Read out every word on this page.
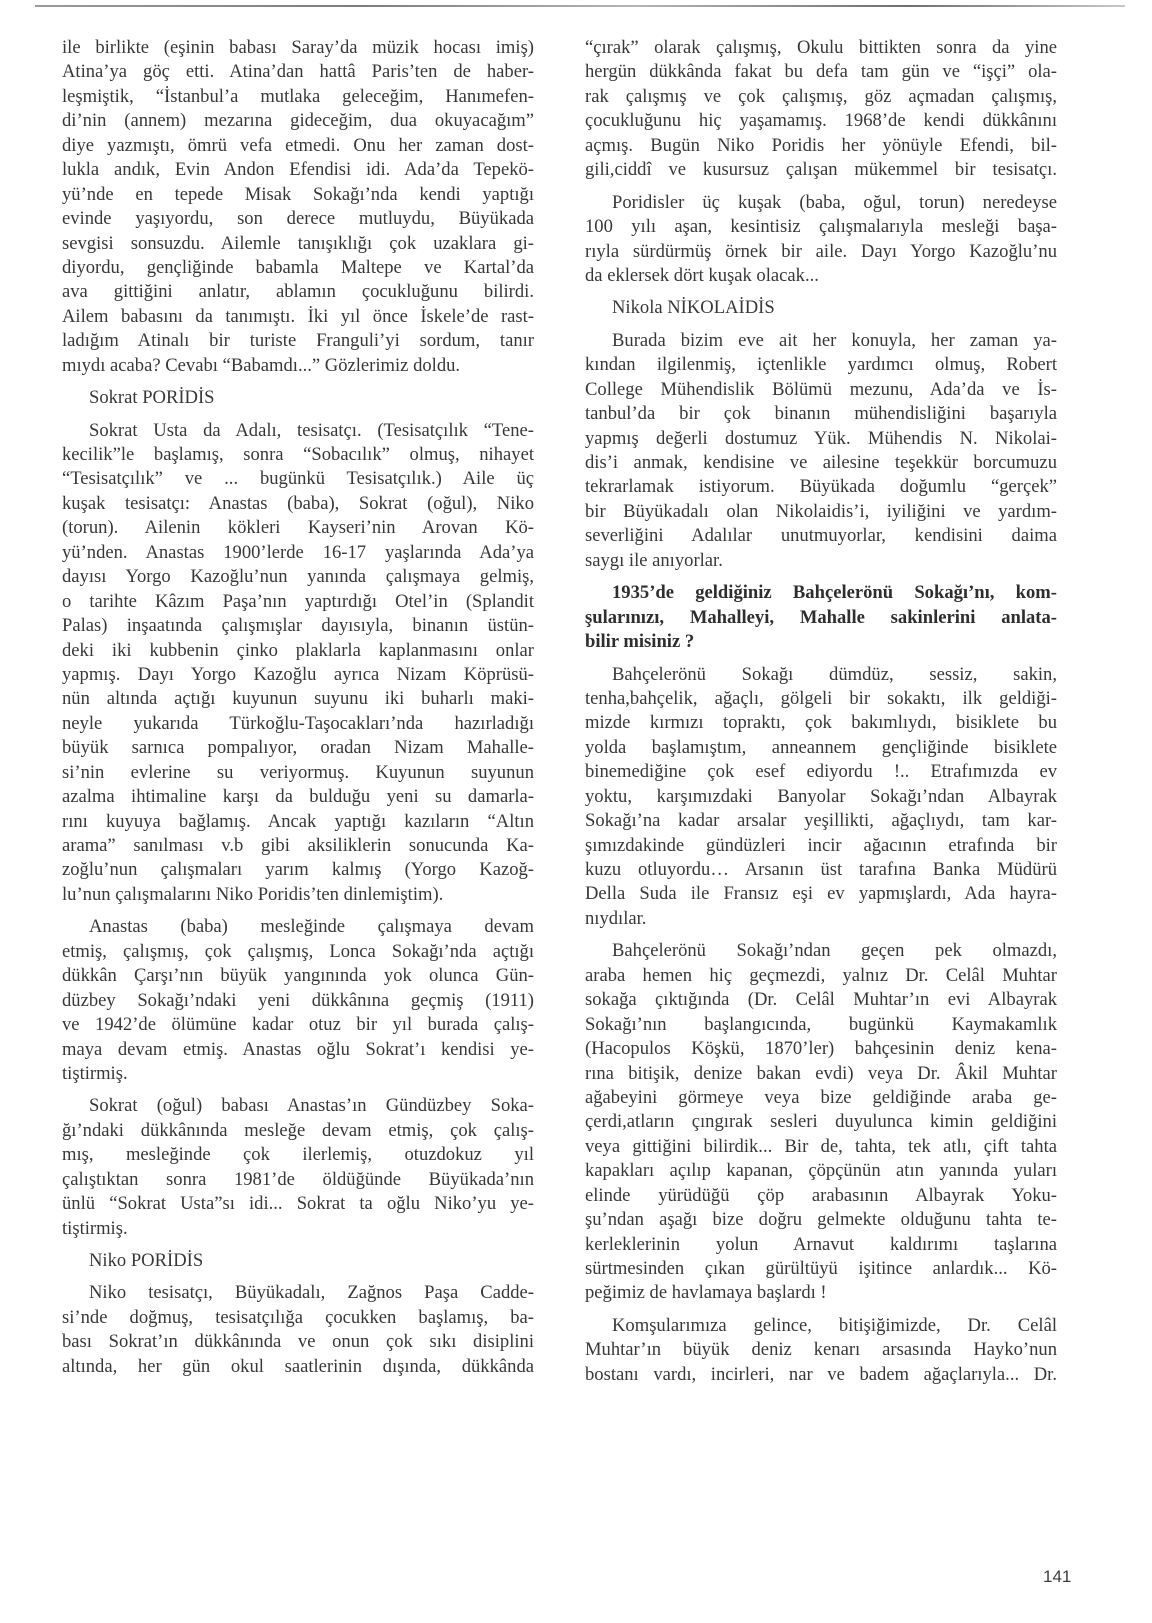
ile birlikte (eşinin babası Saray’da müzik hocası imiş)
Atina’ya göç etti. Atina’dan hattâ Paris’ten de haber-
leşmiştik, “İstanbul’a mutlaka geleceğim, Hanımefen-
di’nin (annem) mezarına gideceğim, dua okuyacağım”
diye yazmıştı, ömrü vefa etmedi. Onu her zaman dost-
lukla andık, Evin Andon Efendisi idi. Ada’da Tepekö-
yü’nde en tepede Misak Sokağı’nda kendi yaptığı
evinde yaşıyordu, son derece mutluydu, Büyükada
sevgisi sonsuzdu. Ailemle tanışıklığı çok uzaklara gi-
diyordu, gençliğinde babamla Maltepe ve Kartal’da
ava gittiğini anlatır, ablamın çocukluğunu bilirdi.
Ailem babasını da tanımıştı. İki yıl önce İskele’de rast-
ladığım Atinalı bir turiste Franguli’yi sordum, tanır
mıydı acaba? Cevabı “Babamdı...” Gözlerimiz doldu.
Sokrat PORİDİS
Sokrat Usta da Adalı, tesisatçı. (Tesisatçılık “Tene-
kecilik”le başlamış, sonra “Sobacılık” olmuş, nihayet
“Tesisatçılık” ve ... bugünkü Tesisatçılık.) Aile üç
kuşak tesisatçı: Anastas (baba), Sokrat (oğul), Niko
(torun). Ailenin kökleri Kayseri’nin Arovan Kö-
yü’nden. Anastas 1900’lerde 16-17 yaşlarında Ada’ya
dayısı Yorgo Kazoğlu’nun yanında çalışmaya gelmiş,
o tarihte Kâzım Paşa’nın yaptırdığı Otel’in (Splandit
Palas) inşaatında çalışmışlar dayısıyla, binanın üstün-
deki iki kubbenin çinko plaklarla kaplanmasını onlar
yapmış. Dayı Yorgo Kazoğlu ayrıca Nizam Köprüsü-
nün altında açtığı kuyunun suyunu iki buharlı maki-
neyle yukarıda Türkoğlu-Taşocakları’nda hazırladığı
büyük sarnıca pompalıyor, oradan Nizam Mahalle-
si’nin evlerine su veriyormuş. Kuyunun suyunun
azalma ihtimaline karşı da bulduğu yeni su damarla-
rını kuyuya bağlamış. Ancak yaptığı kazıların “Altın
arama” sanılması v.b gibi aksiliklerin sonucunda Ka-
zoğlu’nun çalışmaları yarım kalmış (Yorgo Kazoğ-
lu’nun çalışmalarını Niko Poridis’ten dinlemiştim).
Anastas (baba) mesleğinde çalışmaya devam
etmiş, çalışmış, çok çalışmış, Lonca Sokağı’nda açtığı
dükkân Çarşı’nın büyük yangınında yok olunca Gün-
düzbey Sokağı’ndaki yeni dükkânına geçmiş (1911)
ve 1942’de ölümüne kadar otuz bir yıl burada çalış-
maya devam etmiş. Anastas oğlu Sokrat’ı kendisi ye-
tiştirmiş.
Sokrat (oğul) babası Anastas’ın Gündüzbey Soka-
ğı’ndaki dükkânında mesleğe devam etmiş, çok çalış-
mış, mesleğinde çok ilerlemiş, otuzdokuz yıl
çalıştıktan sonra 1981’de öldüğünde Büyükada’nın
ünlü “Sokrat Usta”sı idi... Sokrat ta oğlu Niko’yu ye-
tiştirmiş.
Niko PORİDİS
Niko tesisatçı, Büyükadalı, Zağnos Paşa Cadde-
si’nde doğmuş, tesisatçılığa çocukken başlamış, ba-
bası Sokrat’ın dükkânında ve onun çok sıkı disiplini
altında, her gün okul saatlerinin dışında, dükkânda
“çırak” olarak çalışmış, Okulu bittikten sonra da yine
hergün dükkânda fakat bu defa tam gün ve “işçi” ola-
rak çalışmış ve çok çalışmış, göz açmadan çalışmış,
çocukluğunu hiç yaşamamış. 1968’de kendi dükkânını
açmış. Bugün Niko Poridis her yönüyle Efendi, bil-
gili,ciddî ve kusursuz çalışan mükemmel bir tesisatçı.
Poridisler üç kuşak (baba, oğul, torun) neredeyse
100 yılı aşan, kesintisiz çalışmalarıyla mesleği başa-
rıyla sürdürmüş örnek bir aile. Dayı Yorgo Kazoğlu’nu
da eklersek dört kuşak olacak...
Nikola NİKOLAİDİS
Burada bizim eve ait her konuyla, her zaman ya-
kından ilgilenmiş, içtenlikle yardımcı olmuş, Robert
College Mühendislik Bölümü mezunu, Ada’da ve İs-
tanbul’da bir çok binanın mühendisliğini başarıyla
yapmış değerli dostumuz Yük. Mühendis N. Nikolai-
dis’i anmak, kendisine ve ailesine teşekkür borcumuzu
tekrarlamak istiyorum. Büyükada doğumlu “gerçek”
bir Büyükadalı olan Nikolaidis’i, iyiliğini ve yardım-
severliğini Adalılar unutmuyorlar, kendisini daima
saygı ile anıyorlar.
1935’de geldiğiniz Bahçelerönü Sokağı’nı, kom-
şularınızı, Mahalleyi, Mahalle sakinlerini anlata-
bilir misiniz ?
Bahçelerönü Sokağı dümdüz, sessiz, sakin,
tenha,bahçelik, ağaçlı, gölgeli bir sokaktı, ilk geldiği-
mizde kırmızı topraktı, çok bakımlıydı, bisiklete bu
yolda başlamıştım, anneannem gençliğinde bisiklete
binemediğine çok esef ediyordu !.. Etrafımızda ev
yoktu, karşımızdaki Banyolar Sokağı’ndan Albayrak
Sokağı’na kadar arsalar yeşillikti, ağaçlıydı, tam kar-
şımızdakinde gündüzleri incir ağacının etrafında bir
kuzu otluyordu… Arsanın üst tarafına Banka Müdürü
Della Suda ile Fransız eşi ev yapmışlardı, Ada hayra-
nıydılar.
Bahçelerönü Sokağı’ndan geçen pek olmazdı,
araba hemen hiç geçmezdi, yalnız Dr. Celâl Muhtar
sokağa çıktığında (Dr. Celâl Muhtar’ın evi Albayrak
Sokağı’nın başlangıcında, bugünkü Kaymakamlık
(Hacopulos Köşkü, 1870’ler) bahçesinin deniz kena-
rına bitişik, denize bakan evdi) veya Dr. Âkil Muhtar
ağabeyini görmeye veya bize geldiğinde araba ge-
çerdi,atların çıngırak sesleri duyulunca kimin geldiğini
veya gittiğini bilirdik... Bir de, tahta, tek atlı, çift tahta
kapakları açılıp kapanan, çöpçünün atın yanında yuları
elinde yürüdüğü çöp arabasının Albayrak Yoku-
şu’ndan aşağı bize doğru gelmekte olduğunu tahta te-
kerleklerinin yolun Arnavut kaldırımı taşlarına
sürtmesinden çıkan gürültüyü işitince anlardık... Kö-
peğimiz de havlamaya başlardı !
Komşularımıza gelince, bitişiğimizde, Dr. Celâl
Muhtar’ın büyük deniz kenarı arsasında Hayko’nun
bostanı vardı, incirleri, nar ve badem ağaçlarıyla... Dr.
141
